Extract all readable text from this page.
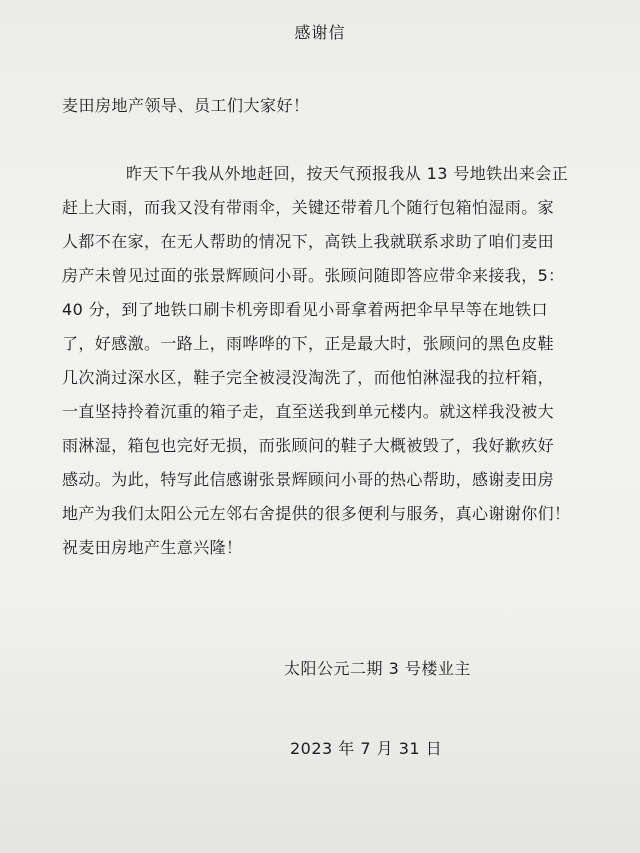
感谢信
麦田房地产领导、员工们大家好！
昨天下午我从外地赶回，按天气预报我从 13 号地铁出来会正
赶上大雨，而我又没有带雨伞，关键还带着几个随行包箱怕湿雨。家
人都不在家，在无人帮助的情况下，高铁上我就联系求助了咱们麦田
房产未曾见过面的张景辉顾问小哥。张顾问随即答应带伞来接我，5：
40 分，到了地铁口刷卡机旁即看见小哥拿着两把伞早早等在地铁口
了，好感激。一路上，雨哗哗的下，正是最大时，张顾问的黑色皮鞋
几次淌过深水区，鞋子完全被浸没淘洗了，而他怕淋湿我的拉杆箱，
一直坚持拎着沉重的箱子走，直至送我到单元楼内。就这样我没被大
雨淋湿，箱包也完好无损，而张顾问的鞋子大概被毁了，我好歉疚好
感动。为此，特写此信感谢张景辉顾问小哥的热心帮助，感谢麦田房
地产为我们太阳公元左邻右舍提供的很多便利与服务，真心谢谢你们！
祝麦田房地产生意兴隆！
太阳公元二期 3 号楼业主
2023 年 7 月 31 日
